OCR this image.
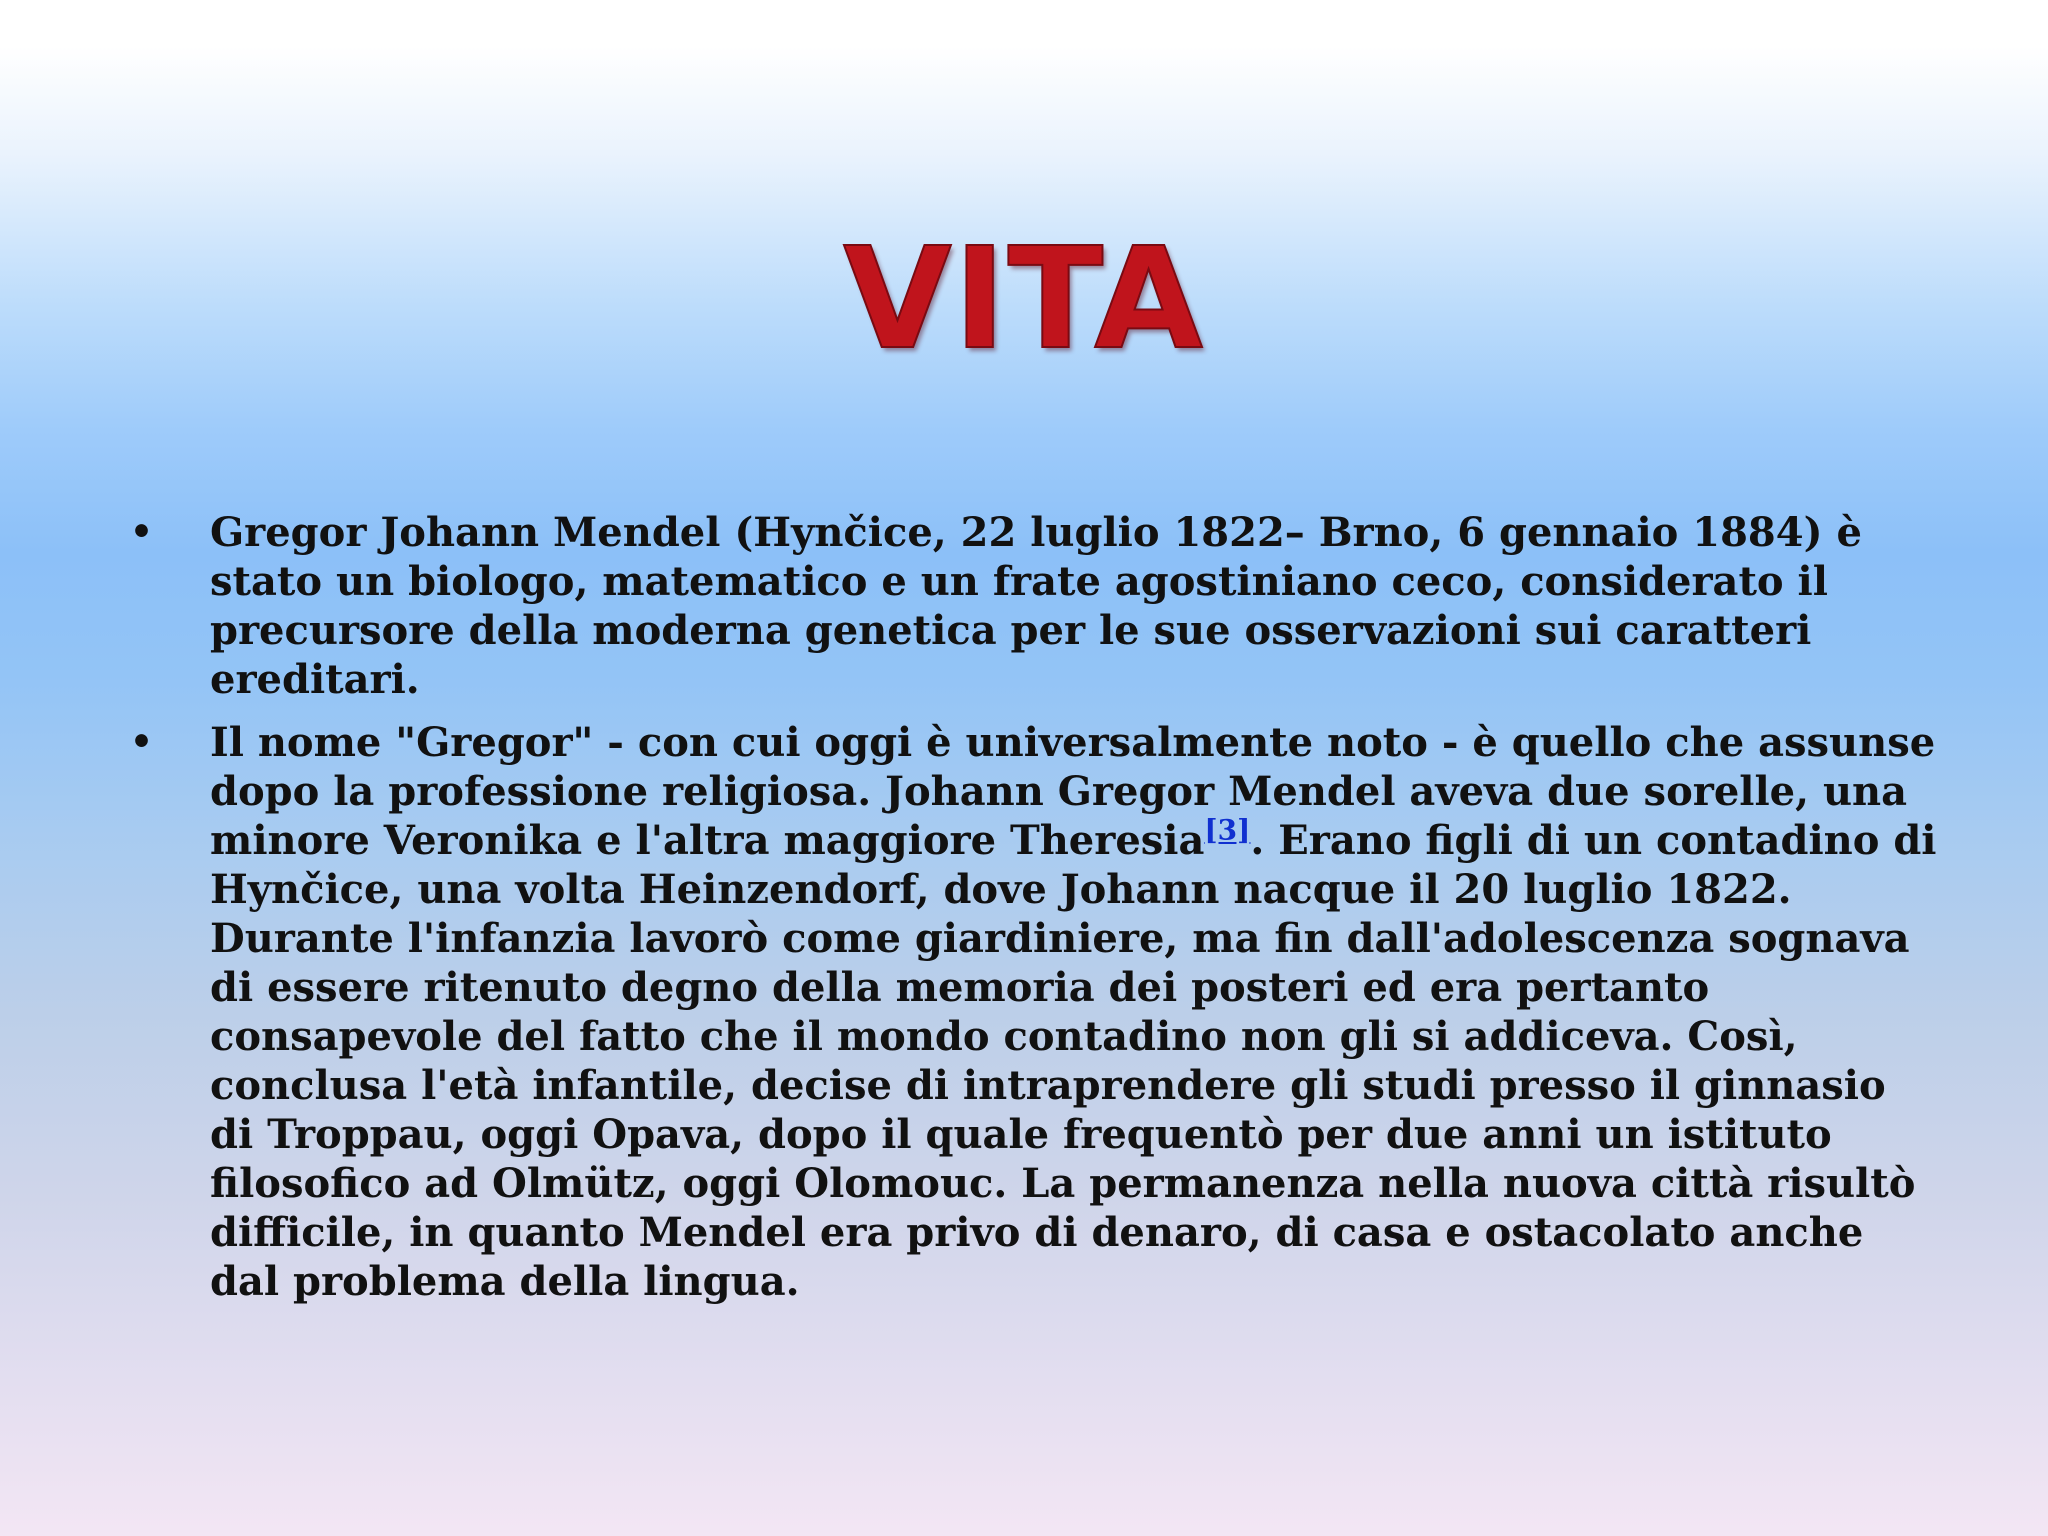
VITA
•	Gregor Johann Mendel (Hynčice, 22 luglio 1822– Brno, 6 gennaio 1884) è stato un biologo, matematico e un frate agostiniano ceco, considerato il precursore della moderna genetica per le sue osservazioni sui caratteri ereditari.
•	Il nome "Gregor" - con cui oggi è universalmente noto - è quello che assunse dopo la professione religiosa. Johann Gregor Mendel aveva due sorelle, una minore Veronika e l'altra maggiore Theresia[3]. Erano figli di un contadino di Hynčice, una volta Heinzendorf, dove Johann nacque il 20 luglio 1822. Durante l'infanzia lavorò come giardiniere, ma fin dall'adolescenza sognava di essere ritenuto degno della memoria dei posteri ed era pertanto consapevole del fatto che il mondo contadino non gli si addiceva. Così, conclusa l'età infantile, decise di intraprendere gli studi presso il ginnasio di Troppau, oggi Opava, dopo il quale frequentò per due anni un istituto filosofico ad Olmütz, oggi Olomouc. La permanenza nella nuova città risultò difficile, in quanto Mendel era privo di denaro, di casa e ostacolato anche dal problema della lingua.
